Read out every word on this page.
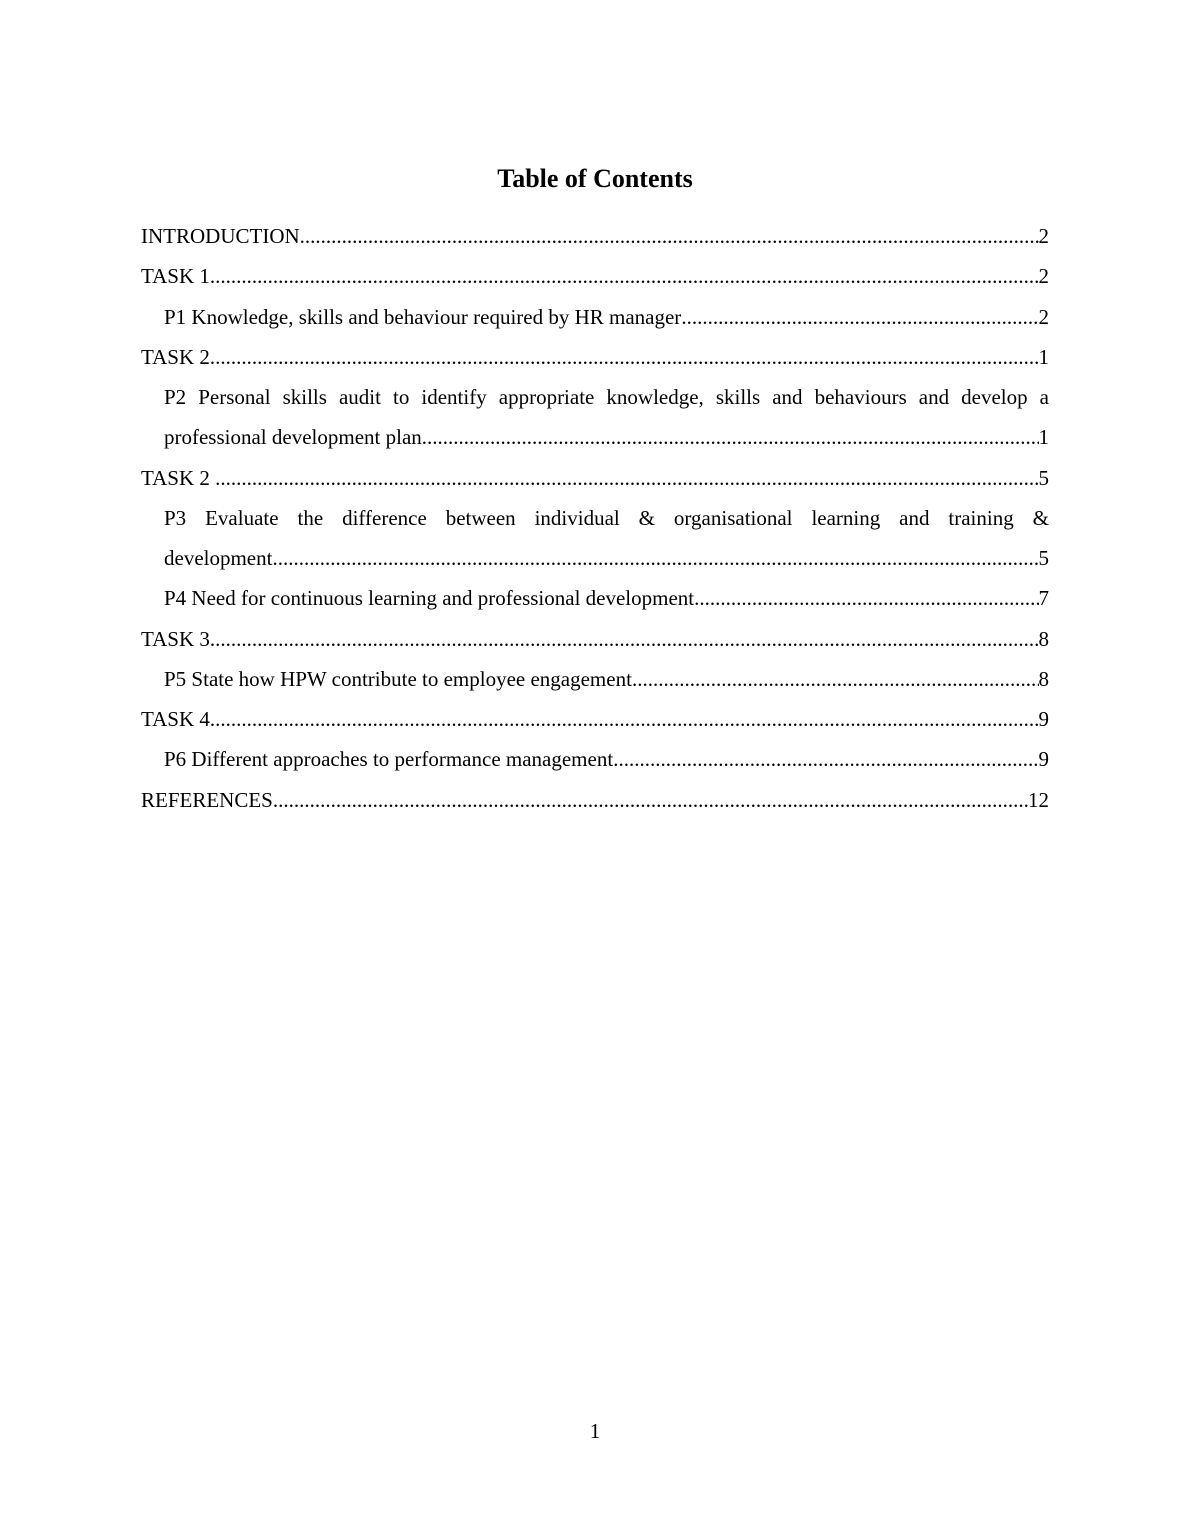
Table of Contents
INTRODUCTION .....	2
TASK 1 .....	2
P1 Knowledge, skills and behaviour required by HR manager .....	2
TASK 2 .....	1
P2 Personal skills audit to identify appropriate knowledge, skills and behaviours and develop a
professional development plan .....	1
TASK 2 .....	5
P3 Evaluate the difference between individual & organisational learning and training &
development .....	5
P4 Need for continuous learning and professional development .....	7
TASK 3 .....	8
P5 State how HPW contribute to employee engagement .....	8
TASK 4 .....	9
P6 Different approaches to performance management .....	9
REFERENCES .....	12
1
